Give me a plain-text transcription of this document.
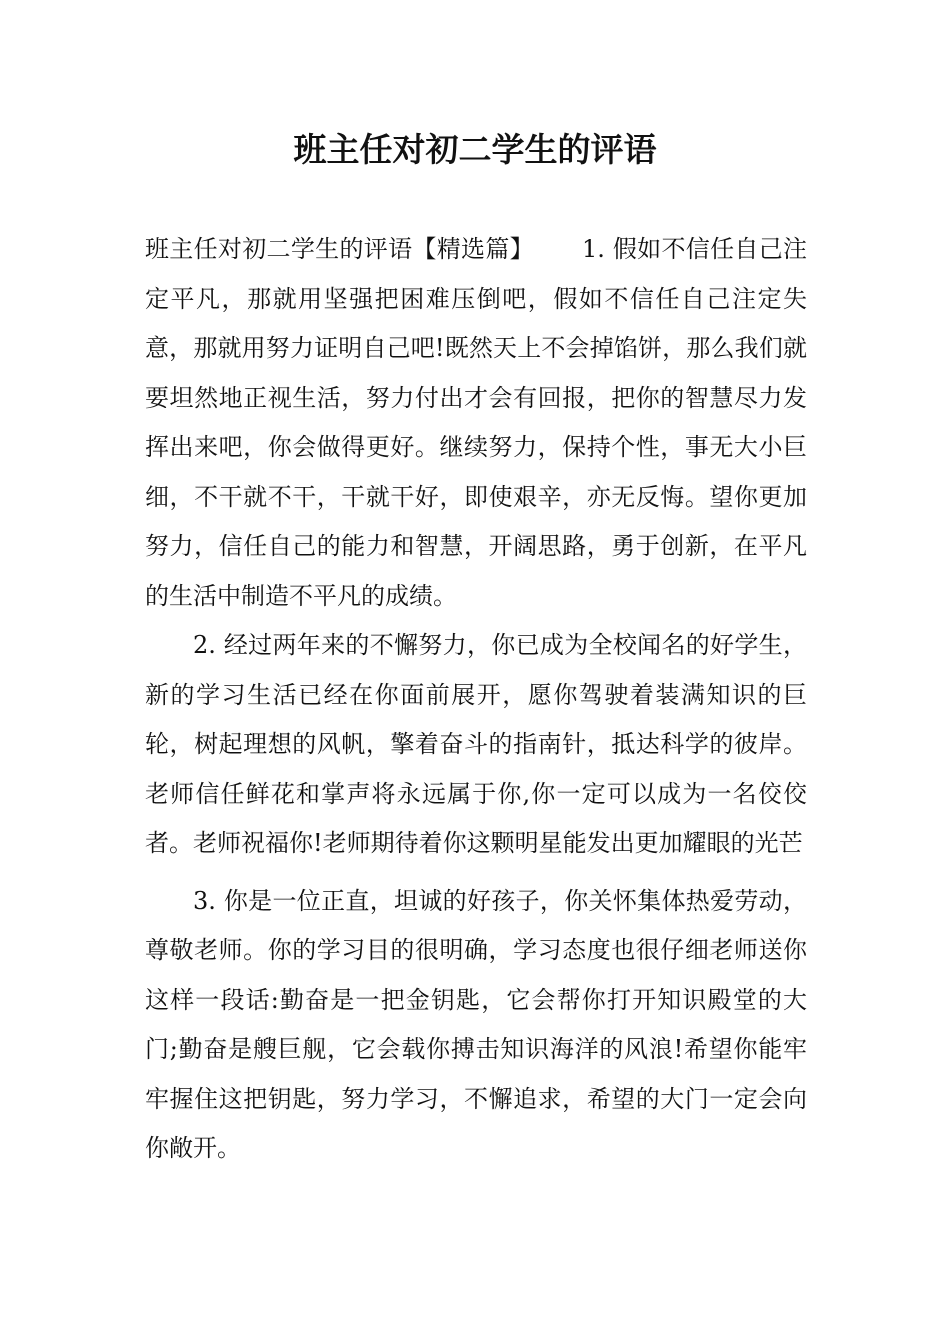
班主任对初二学生的评语

班主任对初二学生的评语【精选篇】 1. 假如不信任自己注定平凡，那就用坚强把困难压倒吧，假如不信任自己注定失意，那就用努力证明自己吧!既然天上不会掉馅饼，那么我们就要坦然地正视生活，努力付出才会有回报，把你的智慧尽力发挥出来吧，你会做得更好。继续努力，保持个性，事无大小巨细，不干就不干，干就干好，即使艰辛，亦无反悔。望你更加努力，信任自己的能力和智慧，开阔思路，勇于创新，在平凡的生活中制造不平凡的成绩。

2. 经过两年来的不懈努力，你已成为全校闻名的好学生，新的学习生活已经在你面前展开，愿你驾驶着装满知识的巨轮，树起理想的风帆，擎着奋斗的指南针，抵达科学的彼岸。老师信任鲜花和掌声将永远属于你,你一定可以成为一名佼佼者。老师祝福你!老师期待着你这颗明星能发出更加耀眼的光芒

3. 你是一位正直，坦诚的好孩子，你关怀集体热爱劳动，尊敬老师。你的学习目的很明确，学习态度也很仔细老师送你这样一段话:勤奋是一把金钥匙，它会帮你打开知识殿堂的大门;勤奋是艘巨舰，它会载你搏击知识海洋的风浪!希望你能牢牢握住这把钥匙，努力学习，不懈追求，希望的大门一定会向你敞开。
